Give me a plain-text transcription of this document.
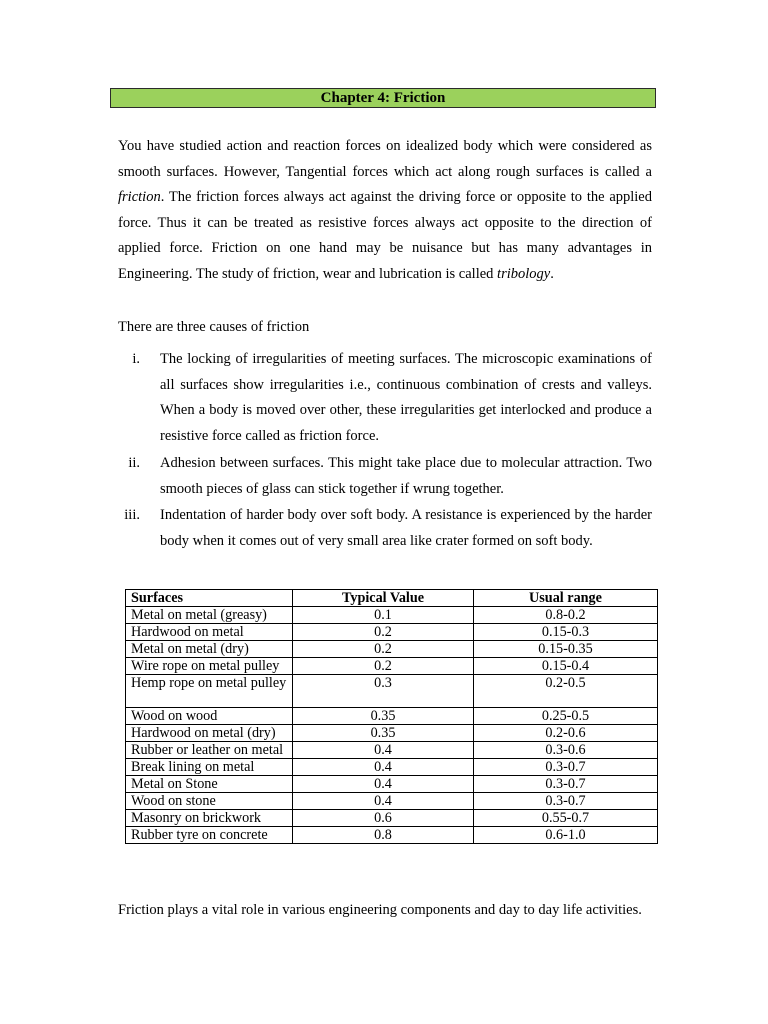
Chapter 4: Friction

You have studied action and reaction forces on idealized body which were considered as smooth surfaces. However, Tangential forces which act along rough surfaces is called a friction. The friction forces always act against the driving force or opposite to the applied force. Thus it can be treated as resistive forces always act opposite to the direction of applied force. Friction on one hand may be nuisance but has many advantages in Engineering. The study of friction, wear and lubrication is called tribology.

There are three causes of friction

i. The locking of irregularities of meeting surfaces. The microscopic examinations of all surfaces show irregularities i.e., continuous combination of crests and valleys. When a body is moved over other, these irregularities get interlocked and produce a resistive force called as friction force.

ii. Adhesion between surfaces. This might take place due to molecular attraction. Two smooth pieces of glass can stick together if wrung together.

iii. Indentation of harder body over soft body. A resistance is experienced by the harder body when it comes out of very small area like crater formed on soft body.

Surfaces	Typical Value	Usual range
Metal on metal (greasy)	0.1	0.8-0.2
Hardwood on metal	0.2	0.15-0.3
Metal on metal (dry)	0.2	0.15-0.35
Wire rope on metal pulley	0.2	0.15-0.4
Hemp rope on metal pulley	0.3	0.2-0.5
Wood on wood	0.35	0.25-0.5
Hardwood on metal (dry)	0.35	0.2-0.6
Rubber or leather on metal	0.4	0.3-0.6
Break lining on metal	0.4	0.3-0.7
Metal on Stone	0.4	0.3-0.7
Wood on stone	0.4	0.3-0.7
Masonry on brickwork	0.6	0.55-0.7
Rubber tyre on concrete	0.8	0.6-1.0

Friction plays a vital role in various engineering components and day to day life activities.
